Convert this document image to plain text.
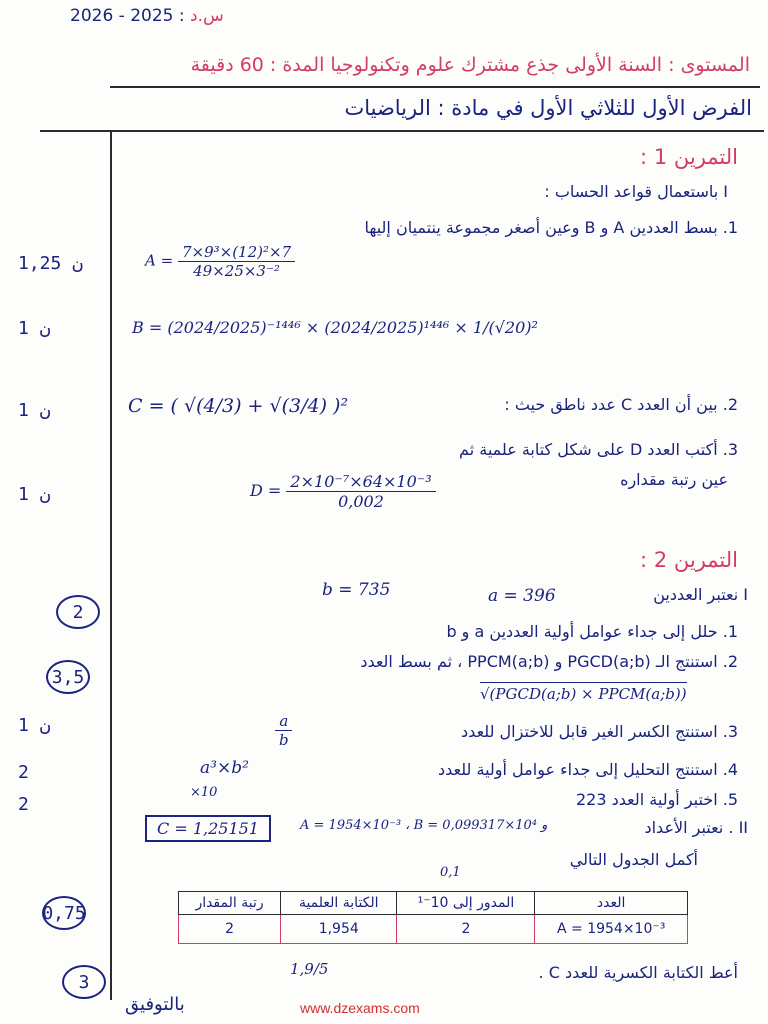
2026 - 2025 : س.د
المستوى : السنة الأولى جذع مشترك علوم وتكنولوجيا المدة : 60 دقيقة
الفرض الأول للثلاثي الأول في مادة : الرياضيات
التمرين 1 :
I باستعمال قواعد الحساب :
1. بسط العددين A و B وعين أصغر مجموعة ينتميان إليها
1,25 ن	$A = \frac{\text{7×9³×(12)²×7}}{\text{49×25×3⁻²}}$
1 ن	B = (2024/2025)⁻¹⁴⁴⁶ × (2024/2025)¹⁴⁴⁶ × 1/(√20)²
1 ن	C = ( √(4/3) + √(3/4) )²	2. بين أن العدد C عدد ناطق حيث :
3. أكتب العدد D على شكل كتابة علمية ثم
عين رتبة مقداره
1 ن	$D = \frac{\text{2×10⁻⁷×64×10⁻³}}{0,002}$
التمرين 2 :
I نعتبر العددين
a = 396
b = 735
2
1. حلل إلى جداء عوامل أولية العددين a و b
3,5
2. استنتج الـ PGCD(a;b) و PPCM(a;b) ، ثم بسط العدد
√(PGCD(a;b) × PPCM(a;b))
1 ن	3. استنتج الكسر الغير قابل للاختزال للعدد
$\frac{a}{b}$
2	4. استنتج التحليل إلى جداء عوامل أولية للعدد
a³×b²
×10
2	5. اختبر أولية العدد 223
II . نعتبر الأعداد
A = 1954×10⁻³ ، B = 0,099317×10⁴ و
C = 1,25151
0,1
أكمل الجدول التالي
0,75	رتبة المقدار	الكتابة العلمية	المدور إلى 10⁻¹	العدد
2	1,954	2	A = 1954×10⁻³
3
1,9/5	أعط الكتابة الكسرية للعدد C .
بالتوفيق	www.dzexams.com
